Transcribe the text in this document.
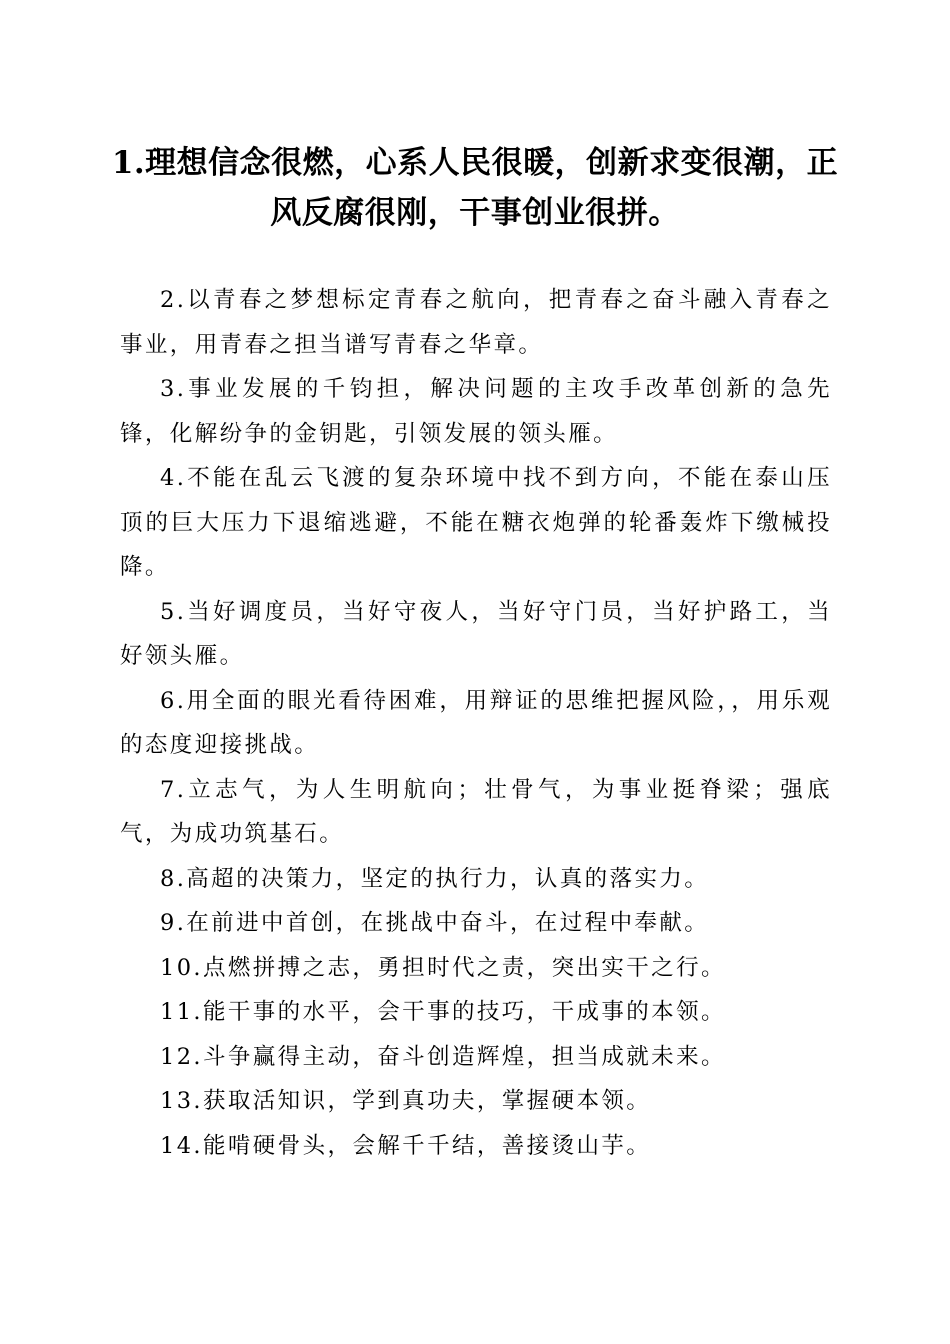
1.理想信念很燃，心系人民很暖，创新求变很潮，正风反腐很刚，干事创业很拼。

2.以青春之梦想标定青春之航向，把青春之奋斗融入青春之事业，用青春之担当谱写青春之华章。

3.事业发展的千钧担，解决问题的主攻手改革创新的急先锋，化解纷争的金钥匙，引领发展的领头雁。

4.不能在乱云飞渡的复杂环境中找不到方向，不能在泰山压顶的巨大压力下退缩逃避，不能在糖衣炮弹的轮番轰炸下缴械投降。

5.当好调度员，当好守夜人，当好守门员，当好护路工，当好领头雁。

6.用全面的眼光看待困难，用辩证的思维把握风险，，用乐观的态度迎接挑战。

7.立志气，为人生明航向；壮骨气，为事业挺脊梁；强底气，为成功筑基石。

8.高超的决策力，坚定的执行力，认真的落实力。

9.在前进中首创，在挑战中奋斗，在过程中奉献。

10.点燃拼搏之志，勇担时代之责，突出实干之行。

11.能干事的水平，会干事的技巧，干成事的本领。

12.斗争赢得主动，奋斗创造辉煌，担当成就未来。

13.获取活知识，学到真功夫，掌握硬本领。

14.能啃硬骨头，会解千千结，善接烫山芋。
